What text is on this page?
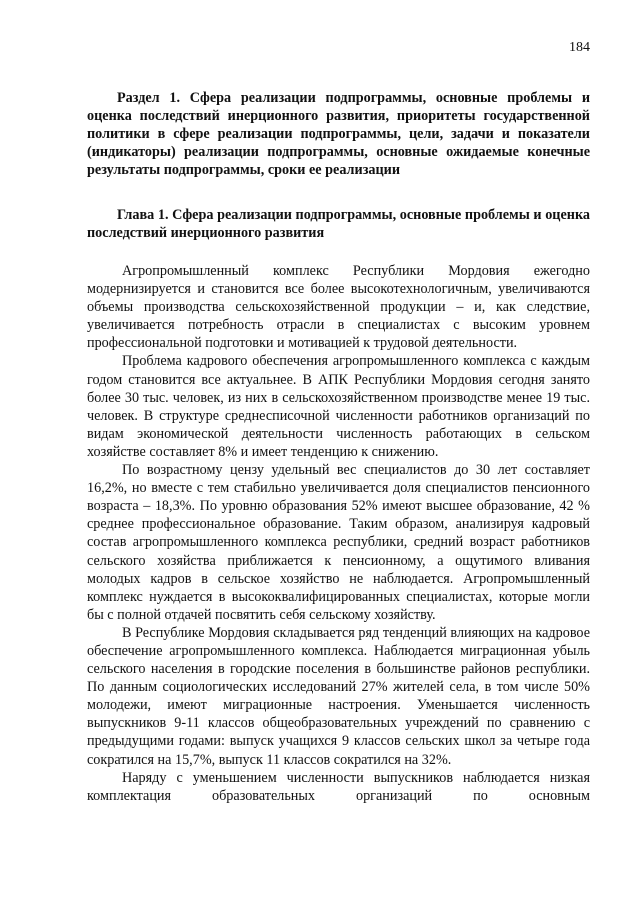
184
Раздел 1. Сфера реализации подпрограммы, основные проблемы и оценка последствий инерционного развития, приоритеты государственной политики в сфере реализации подпрограммы, цели, задачи и показатели (индикаторы) реализации подпрограммы, основные ожидаемые конечные результаты подпрограммы, сроки ее реализации
Глава 1. Сфера реализации подпрограммы, основные проблемы и оценка последствий инерционного развития

Агропромышленный комплекс Республики Мордовия ежегодно модернизируется и становится все более высокотехнологичным, увеличиваются объемы производства сельскохозяйственной продукции – и, как следствие, увеличивается потребность отрасли в специалистах с высоким уровнем профессиональной подготовки и мотивацией к трудовой деятельности.

Проблема кадрового обеспечения агропромышленного комплекса с каждым годом становится все актуальнее. В АПК Республики Мордовия сегодня занято более 30 тыс. человек, из них в сельскохозяйственном производстве менее 19 тыс. человек. В структуре среднесписочной численности работников организаций по видам экономической деятельности численность работающих в сельском хозяйстве составляет 8% и имеет тенденцию к снижению.

По возрастному цензу удельный вес специалистов до 30 лет составляет 16,2%, но вместе с тем стабильно увеличивается доля специалистов пенсионного возраста – 18,3%. По уровню образования 52% имеют высшее образование, 42 % среднее профессиональное образование. Таким образом, анализируя кадровый состав агропромышленного комплекса республики, средний возраст работников сельского хозяйства приближается к пенсионному, а ощутимого вливания молодых кадров в сельское хозяйство не наблюдается. Агропромышленный комплекс нуждается в высококвалифицированных специалистах, которые могли бы с полной отдачей посвятить себя сельскому хозяйству.

В Республике Мордовия складывается ряд тенденций влияющих на кадровое обеспечение агропромышленного комплекса. Наблюдается миграционная убыль сельского населения в городские поселения в большинстве районов республики. По данным социологических исследований 27% жителей села, в том числе 50% молодежи, имеют миграционные настроения. Уменьшается численность выпускников 9-11 классов общеобразовательных учреждений по сравнению с предыдущими годами: выпуск учащихся 9 классов сельских школ за четыре года сократился на 15,7%, выпуск 11 классов сократился на 32%.

Наряду с уменьшением численности выпускников наблюдается низкая комплектация образовательных организаций по основным
